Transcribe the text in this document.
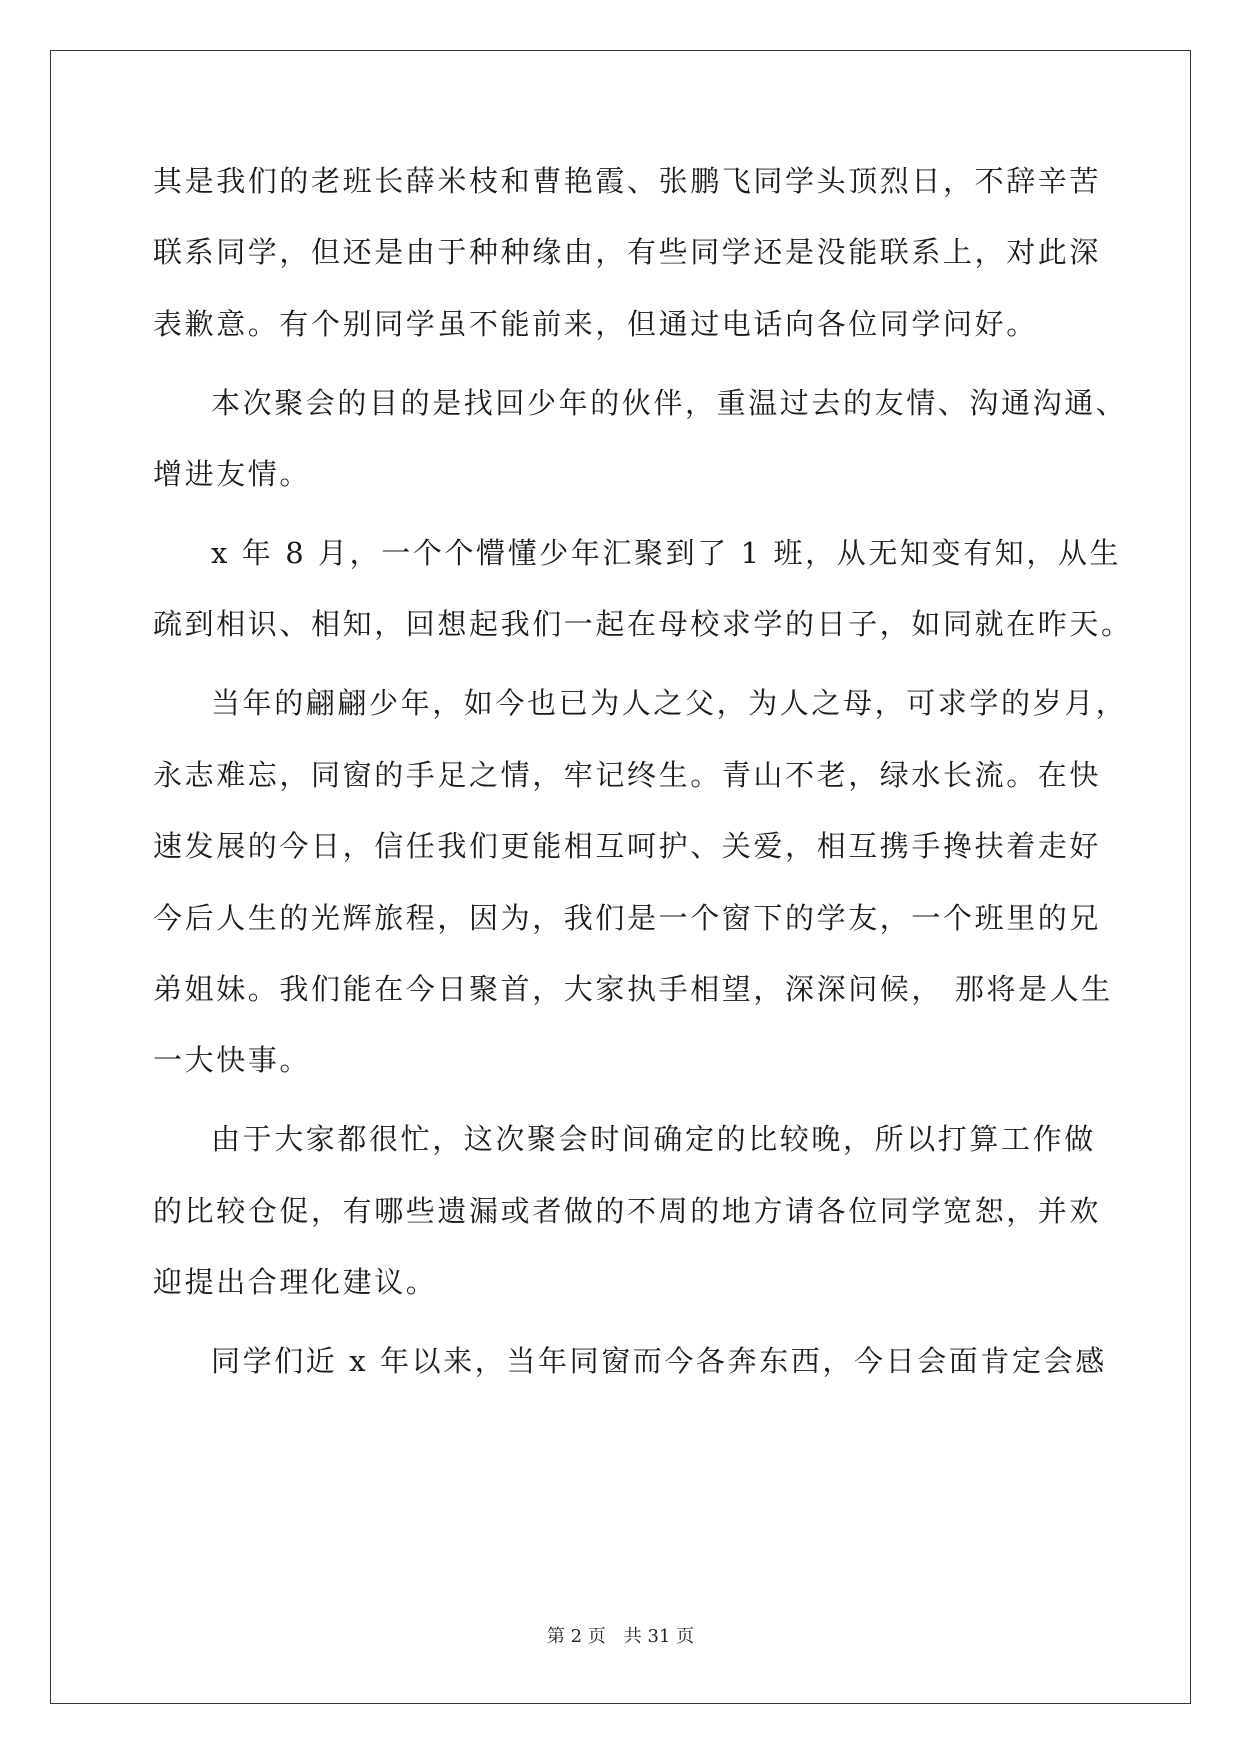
其是我们的老班长薛米枝和曹艳霞、张鹏飞同学头顶烈日，不辞辛苦
联系同学，但还是由于种种缘由，有些同学还是没能联系上，对此深
表歉意。有个别同学虽不能前来，但通过电话向各位同学问好。
本次聚会的目的是找回少年的伙伴，重温过去的友情、沟通沟通、
增进友情。
x 年 8 月，一个个懵懂少年汇聚到了 1 班，从无知变有知，从生
疏到相识、相知，回想起我们一起在母校求学的日子，如同就在昨天。
当年的翩翩少年，如今也已为人之父，为人之母，可求学的岁月，
永志难忘，同窗的手足之情，牢记终生。青山不老，绿水长流。在快
速发展的今日，信任我们更能相互呵护、关爱，相互携手搀扶着走好
今后人生的光辉旅程，因为，我们是一个窗下的学友，一个班里的兄
弟姐妹。我们能在今日聚首，大家执手相望，深深问候， 那将是人生
一大快事。
由于大家都很忙，这次聚会时间确定的比较晚，所以打算工作做
的比较仓促，有哪些遗漏或者做的不周的地方请各位同学宽恕，并欢
迎提出合理化建议。
同学们近 x 年以来，当年同窗而今各奔东西，今日会面肯定会感
第 2 页　共 31 页
